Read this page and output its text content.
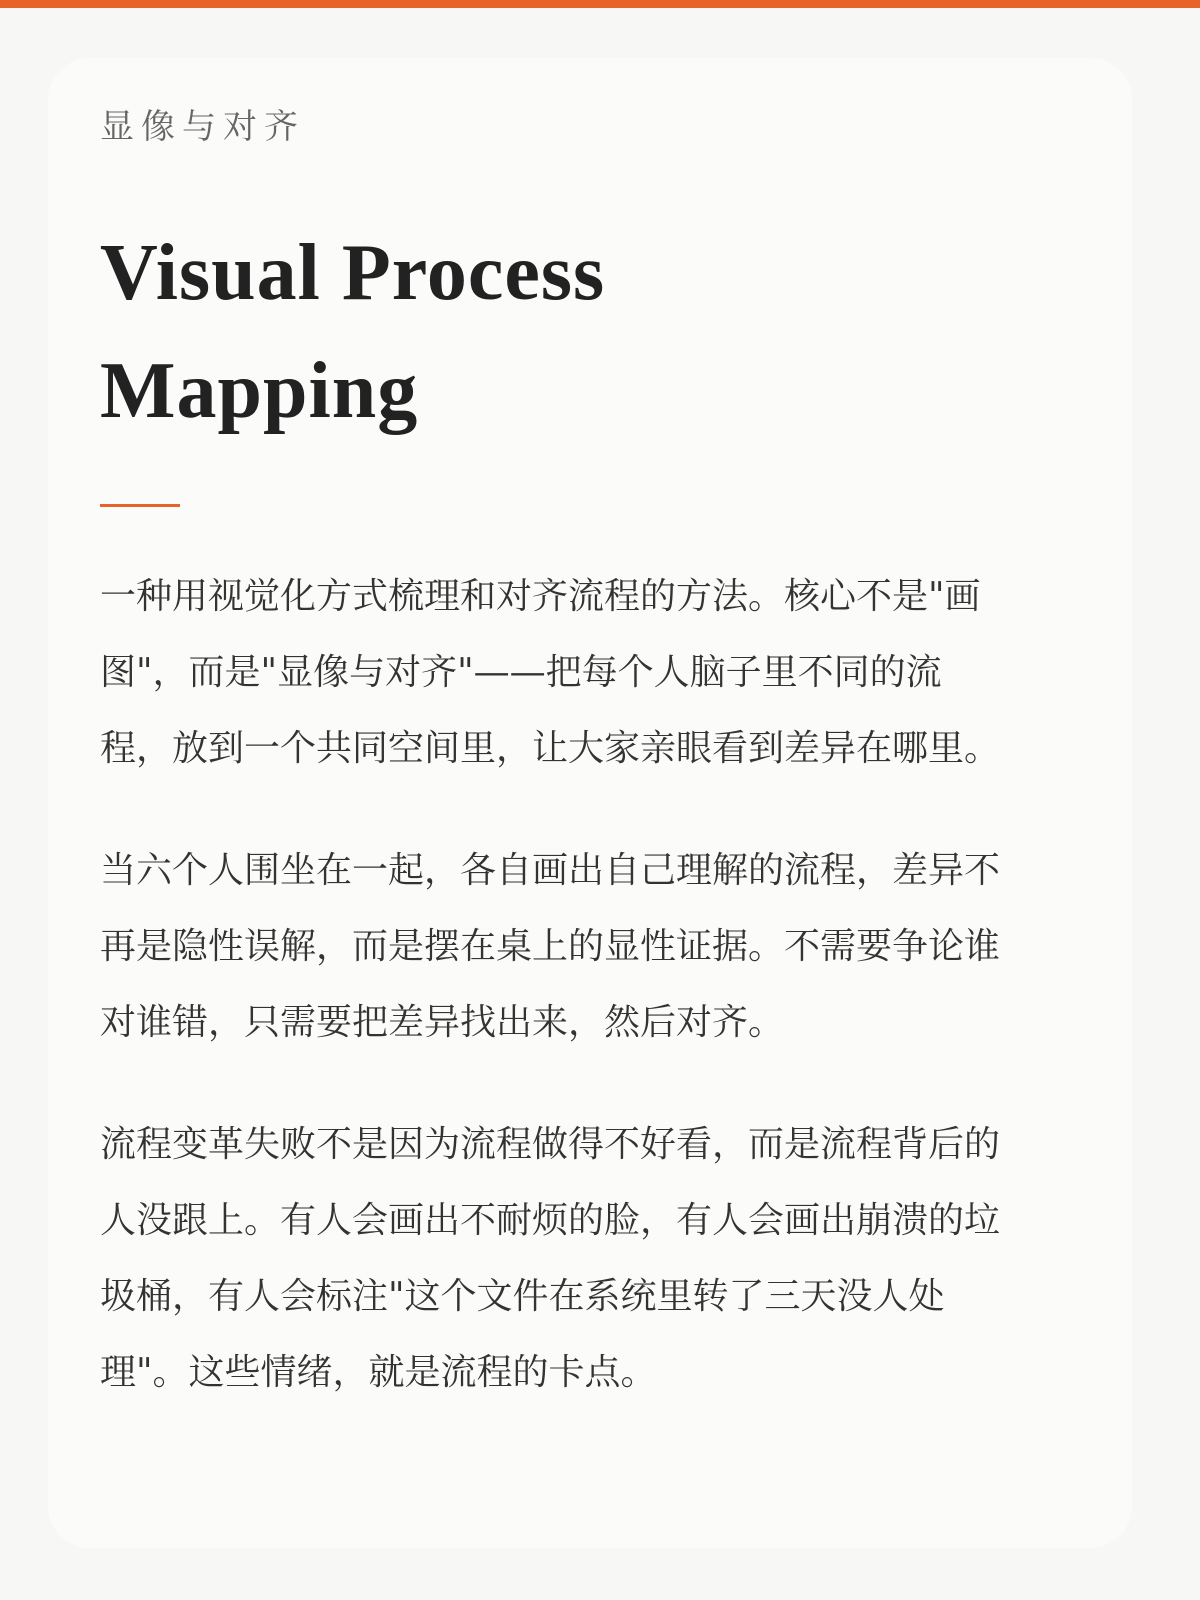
显像与对齐
Visual Process Mapping

一种用视觉化方式梳理和对齐流程的方法。核心不是"画图"，而是"显像与对齐"——把每个人脑子里不同的流程，放到一个共同空间里，让大家亲眼看到差异在哪里。

当六个人围坐在一起，各自画出自己理解的流程，差异不再是隐性误解，而是摆在桌上的显性证据。不需要争论谁对谁错，只需要把差异找出来，然后对齐。

流程变革失败不是因为流程做得不好看，而是流程背后的人没跟上。有人会画出不耐烦的脸，有人会画出崩溃的垃圾桶，有人会标注"这个文件在系统里转了三天没人处理"。这些情绪，就是流程的卡点。
